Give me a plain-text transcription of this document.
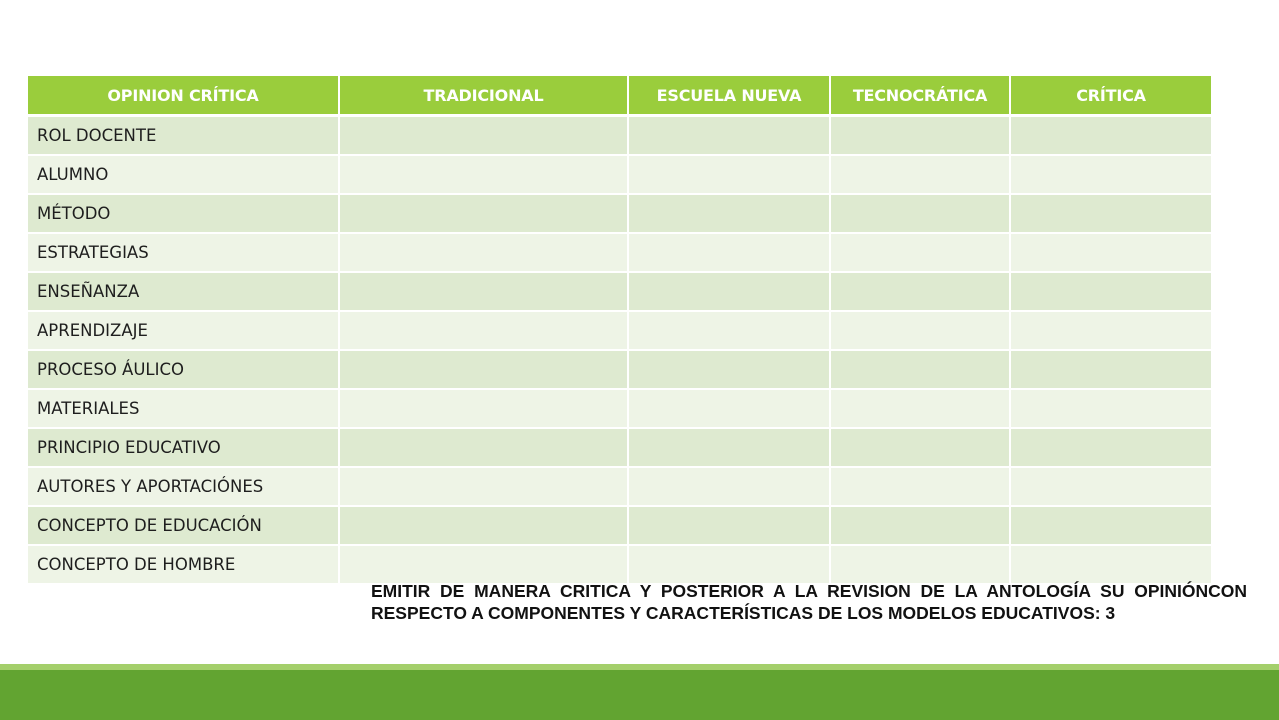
OPINION CRÍTICA	TRADICIONAL	ESCUELA NUEVA	TECNOCRÁTICA	CRÍTICA
ROL DOCENTE				
ALUMNO				
MÉTODO				
ESTRATEGIAS				
ENSEÑANZA				
APRENDIZAJE				
PROCESO ÁULICO				
MATERIALES				
PRINCIPIO EDUCATIVO				
AUTORES Y APORTACIÓNES				
CONCEPTO DE EDUCACIÓN				
CONCEPTO DE HOMBRE				

EMITIR DE MANERA CRITICA Y POSTERIOR A LA REVISION DE LA ANTOLOGÍA SU OPINIÓNCON RESPECTO A COMPONENTES Y CARACTERÍSTICAS DE LOS MODELOS EDUCATIVOS: 3
